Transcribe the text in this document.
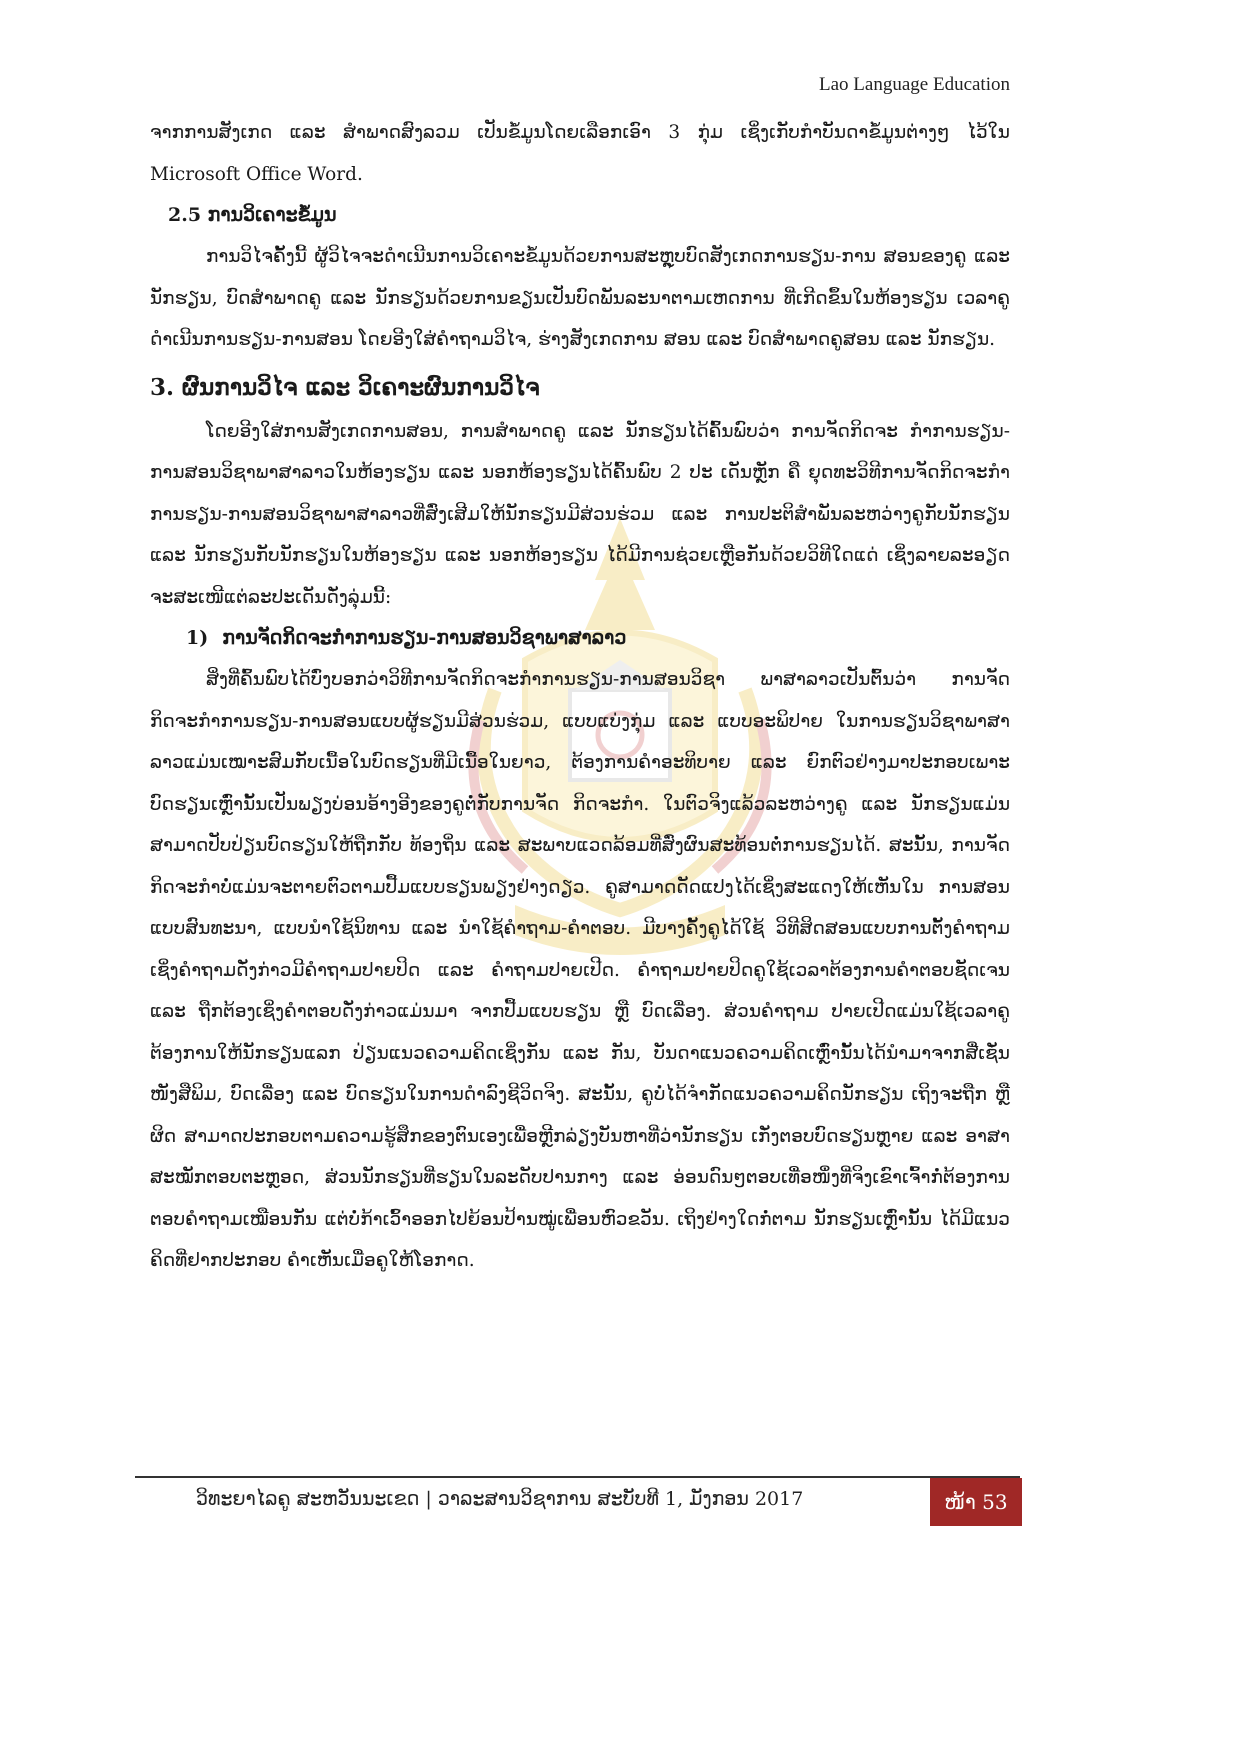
Lao Language Education

ຈາກການສັງເກດ ແລະ ສຳພາດສົງລວມ ເປັນຂໍ້ມູນໂດຍເລືອກເອົາ 3 ກຸ່ມ ເຊິ່ງເກັບກຳບັນດາຂໍ້ມູນຕ່າງໆ ໄວ້ໃນ Microsoft Office Word.

2.5 ການວິເຄາະຂໍ້ມູນ

ການວິໄຈຄັ້ງນີ້ ຜູ້ວິໄຈຈະດຳເນີນການວິເຄາະຂໍ້ມູນດ້ວຍການສະຫຼຸບບົດສັງເກດການຮຽນ-ການ ສອນຂອງຄູ ແລະ ນັກຮຽນ, ບົດສຳພາດຄູ ແລະ ນັກຮຽນດ້ວຍການຂຽນເປັນບົດພັນລະນາຕາມເຫດການ ທີ່ເກີດຂຶ້ນໃນຫ້ອງຮຽນ ເວລາຄູດຳເນີນການຮຽນ-ການສອນ ໂດຍອີງໃສ່ຄຳຖາມວິໄຈ, ຮ່າງສັງເກດການ ສອນ ແລະ ບົດສຳພາດຄູສອນ ແລະ ນັກຮຽນ.

3. ຜົນການວິໄຈ ແລະ ວິເຄາະຜົນການວິໄຈ

ໂດຍອີງໃສ່ການສັງເກດການສອນ, ການສຳພາດຄູ ແລະ ນັກຮຽນໄດ້ຄົ້ນພົບວ່າ ການຈັດກິດຈະ ກຳການຮຽນ-ການສອນວິຊາພາສາລາວໃນຫ້ອງຮຽນ ແລະ ນອກຫ້ອງຮຽນໄດ້ຄົ້ນພົບ 2 ປະ ເດັນຫຼັກ ຄື ຍຸດທະວິທີການຈັດກິດຈະກຳການຮຽນ-ການສອນວິຊາພາສາລາວທີ່ສົ່ງເສີມໃຫ້ນັກຮຽນມີສ່ວນຮ່ວມ ແລະ ການປະຕິສຳພັນລະຫວ່າງຄູກັບນັກຮຽນ ແລະ ນັກຮຽນກັບນັກຮຽນໃນຫ້ອງຮຽນ ແລະ ນອກຫ້ອງຮຽນ ໄດ້ມີການຊ່ວຍເຫຼືອກັນດ້ວຍວິທີໃດແດ່ ເຊິ່ງລາຍລະອຽດຈະສະເໜີແຕ່ລະປະເດັນດັ່ງລຸ່ມນີ້:

1) ການຈັດກິດຈະກຳການຮຽນ-ການສອນວິຊາພາສາລາວ

ສິ່ງທີ່ຄົ້ນພົບໄດ້ບົ່ງບອກວ່າວິທີການຈັດກິດຈະກຳການຮຽນ-ການສອນວິຊາ ພາສາລາວເປັນຕົ້ນວ່າ ການຈັດກິດຈະກຳການຮຽນ-ການສອນແບບຜູ້ຮຽນມີສ່ວນຮ່ວມ, ແບບແບ່ງກຸ່ມ ແລະ ແບບອະພິປາຍ ໃນການຮຽນວິຊາພາສາລາວແມ່ນເໝາະສົມກັບເນື້ອໃນບົດຮຽນທີ່ມີເນື້ອໃນຍາວ, ຕ້ອງການຄຳອະທິບາຍ ແລະ ຍົກຕົວຢ່າງມາປະກອບເພາະບົດຮຽນເຫຼົ່ານັ້ນເປັນພຽງບ່ອນອ້າງອີງຂອງຄູຕໍ່ກັບການຈັດ ກິດຈະກຳ. ໃນຕົວຈິງແລ້ວລະຫວ່າງຄູ ແລະ ນັກຮຽນແມ່ນສາມາດປັບປ່ຽນບົດຮຽນໃຫ້ຖືກກັບ ທ້ອງຖິ່ນ ແລະ ສະພາບແວດລ້ອມທີ່ສົ່ງຜົນສະທ້ອນຕໍ່ການຮຽນໄດ້. ສະນັ້ນ, ການຈັດກິດຈະກຳບໍ່ແມ່ນຈະຕາຍຕົວຕາມປື້ມແບບຮຽນພຽງຢ່າງດຽວ. ຄູສາມາດດັດແປງໄດ້ເຊິ່ງສະແດງໃຫ້ເຫັນໃນ ການສອນແບບສົນທະນາ, ແບບນຳໃຊ້ນິທານ ແລະ ນຳໃຊ້ຄຳຖາມ-ຄຳຕອບ. ມີບາງຄັ້ງຄູໄດ້ໃຊ້ ວິທີສິດສອນແບບການຕັ້ງຄຳຖາມເຊິ່ງຄຳຖາມດັ່ງກ່າວມີຄຳຖາມປາຍປິດ ແລະ ຄຳຖາມປາຍເປີດ. ຄຳຖາມປາຍປິດຄູໃຊ້ເວລາຕ້ອງການຄຳຕອບຊັດເຈນ ແລະ ຖືກຕ້ອງເຊິ່ງຄຳຕອບດັ່ງກ່າວແມ່ນມາ ຈາກປື້ມແບບຮຽນ ຫຼື ບົດເລື່ອງ. ສ່ວນຄຳຖາມ ປາຍເປີດແມ່ນໃຊ້ເວລາຄູຕ້ອງການໃຫ້ນັກຮຽນແລກ ປ່ຽນແນວຄວາມຄິດເຊິ່ງກັນ ແລະ ກັນ, ບັນດາແນວຄວາມຄິດເຫຼົ່ານັ້ນໄດ້ນຳມາຈາກສື່ເຊັ່ນ ໜັງສືພິມ, ບົດເລື່ອງ ແລະ ບົດຮຽນໃນການດຳລົງຊີວິດຈິງ. ສະນັ້ນ, ຄູບໍ່ໄດ້ຈຳກັດແນວຄວາມຄິດນັກຮຽນ ເຖິງຈະຖືກ ຫຼື ຜິດ ສາມາດປະກອບຕາມຄວາມຮູ້ສຶກຂອງຕົນເອງເພື່ອຫຼີກລ່ຽງບັນຫາທີ່ວ່ານັກຮຽນ ເກັ່ງຕອບບົດຮຽນຫຼາຍ ແລະ ອາສາສະໝັກຕອບຕະຫຼອດ, ສ່ວນນັກຮຽນທີ່ຮຽນໃນລະດັບປານກາງ ແລະ ອ່ອນດົນໆຕອບເທື່ອໜຶ່ງທີ່ຈິງເຂົາເຈົ້າກໍ່ຕ້ອງການຕອບຄຳຖາມເໝືອນກັນ ແຕ່ບໍ່ກ້າເວົ້າອອກໄປຍ້ອນປ້ານໝູ່ເພື່ອນຫົວຂວັນ. ເຖິງຢ່າງໃດກໍ່ຕາມ ນັກຮຽນເຫຼົ່ານັ້ນ ໄດ້ມີແນວຄິດທີ່ຢາກປະກອບ ຄຳເຫັນເມື່ອຄູໃຫ້ໂອກາດ.

ວິທະຍາໄລຄູ ສະຫວັນນະເຂດ | ວາລະສານວິຊາການ ສະບັບທີ 1, ມັງກອນ 2017	ໜ້າ 53
